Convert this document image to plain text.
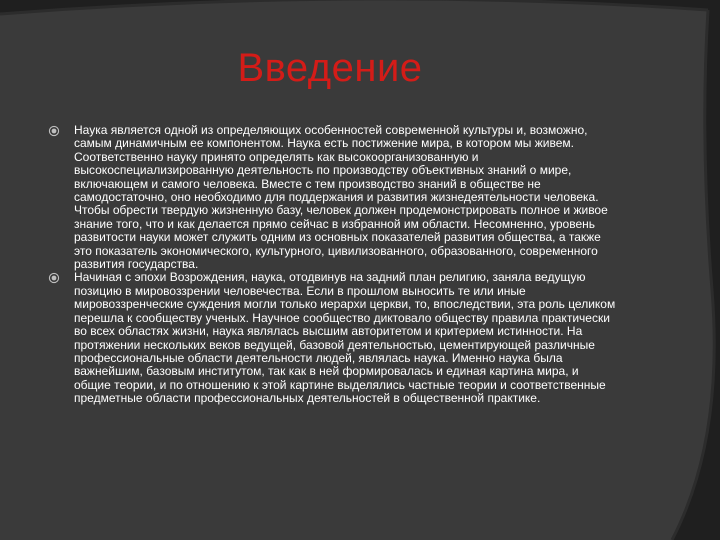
Введение
Наука является одной из определяющих особенностей современной культуры и, возможно, самым динамичным ее компонентом. Наука есть постижение мира, в котором мы живем. Соответственно науку принято определять как высокоорганизованную и высокоспециализированную деятельность по производству объективных знаний о мире, включающем и самого человека. Вместе с тем производство знаний в обществе не самодостаточно, оно необходимо для поддержания и развития жизнедеятельности человека. Чтобы обрести твердую жизненную базу, человек должен продемонстрировать полное и живое знание того, что и как делается прямо сейчас в избранной им области. Несомненно, уровень развитости науки может служить одним из основных показателей развития общества, а также это показатель экономического, культурного, цивилизованного, образованного, современного развития государства.
Начиная с эпохи Возрождения, наука, отодвинув на задний план религию, заняла ведущую позицию в мировоззрении человечества. Если в прошлом выносить те или иные мировоззренческие суждения могли только иерархи церкви, то, впоследствии, эта роль целиком перешла к сообществу ученых. Научное сообщество диктовало обществу правила практически во всех областях жизни, наука являлась высшим авторитетом и критерием истинности. На протяжении нескольких веков ведущей, базовой деятельностью, цементирующей различные профессиональные области деятельности людей, являлась наука. Именно наука была важнейшим, базовым институтом, так как в ней формировалась и единая картина мира, и общие теории, и по отношению к этой картине выделялись частные теории и соответственные предметные области профессиональных деятельностей в общественной практике.
